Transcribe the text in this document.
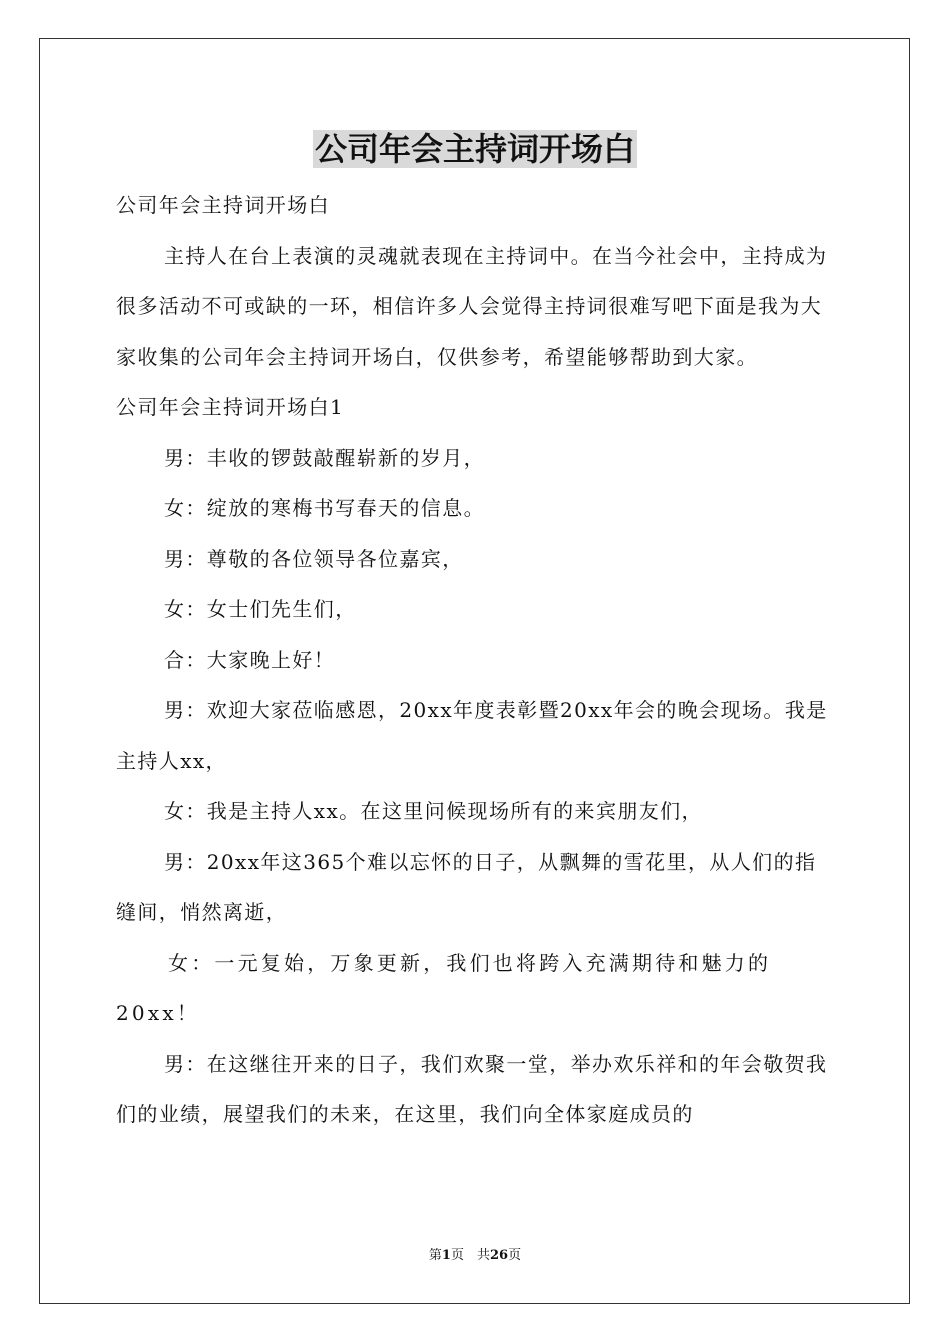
公司年会主持词开场白

公司年会主持词开场白

主持人在台上表演的灵魂就表现在主持词中。在当今社会中，主持成为很多活动不可或缺的一环，相信许多人会觉得主持词很难写吧下面是我为大家收集的公司年会主持词开场白，仅供参考，希望能够帮助到大家。

公司年会主持词开场白1

男：丰收的锣鼓敲醒崭新的岁月，

女：绽放的寒梅书写春天的信息。

男：尊敬的各位领导各位嘉宾，

女：女士们先生们，

合：大家晚上好！

男：欢迎大家莅临感恩，20xx年度表彰暨20xx年会的晚会现场。我是主持人xx，

女：我是主持人xx。在这里问候现场所有的来宾朋友们，

男：20xx年这365个难以忘怀的日子，从飘舞的雪花里，从人们的指缝间，悄然离逝，

女：一元复始，万象更新，我们也将跨入充满期待和魅力的20xx！

男：在这继往开来的日子，我们欢聚一堂，举办欢乐祥和的年会敬贺我们的业绩，展望我们的未来，在这里，我们向全体家庭成员的

第1页　共26页
